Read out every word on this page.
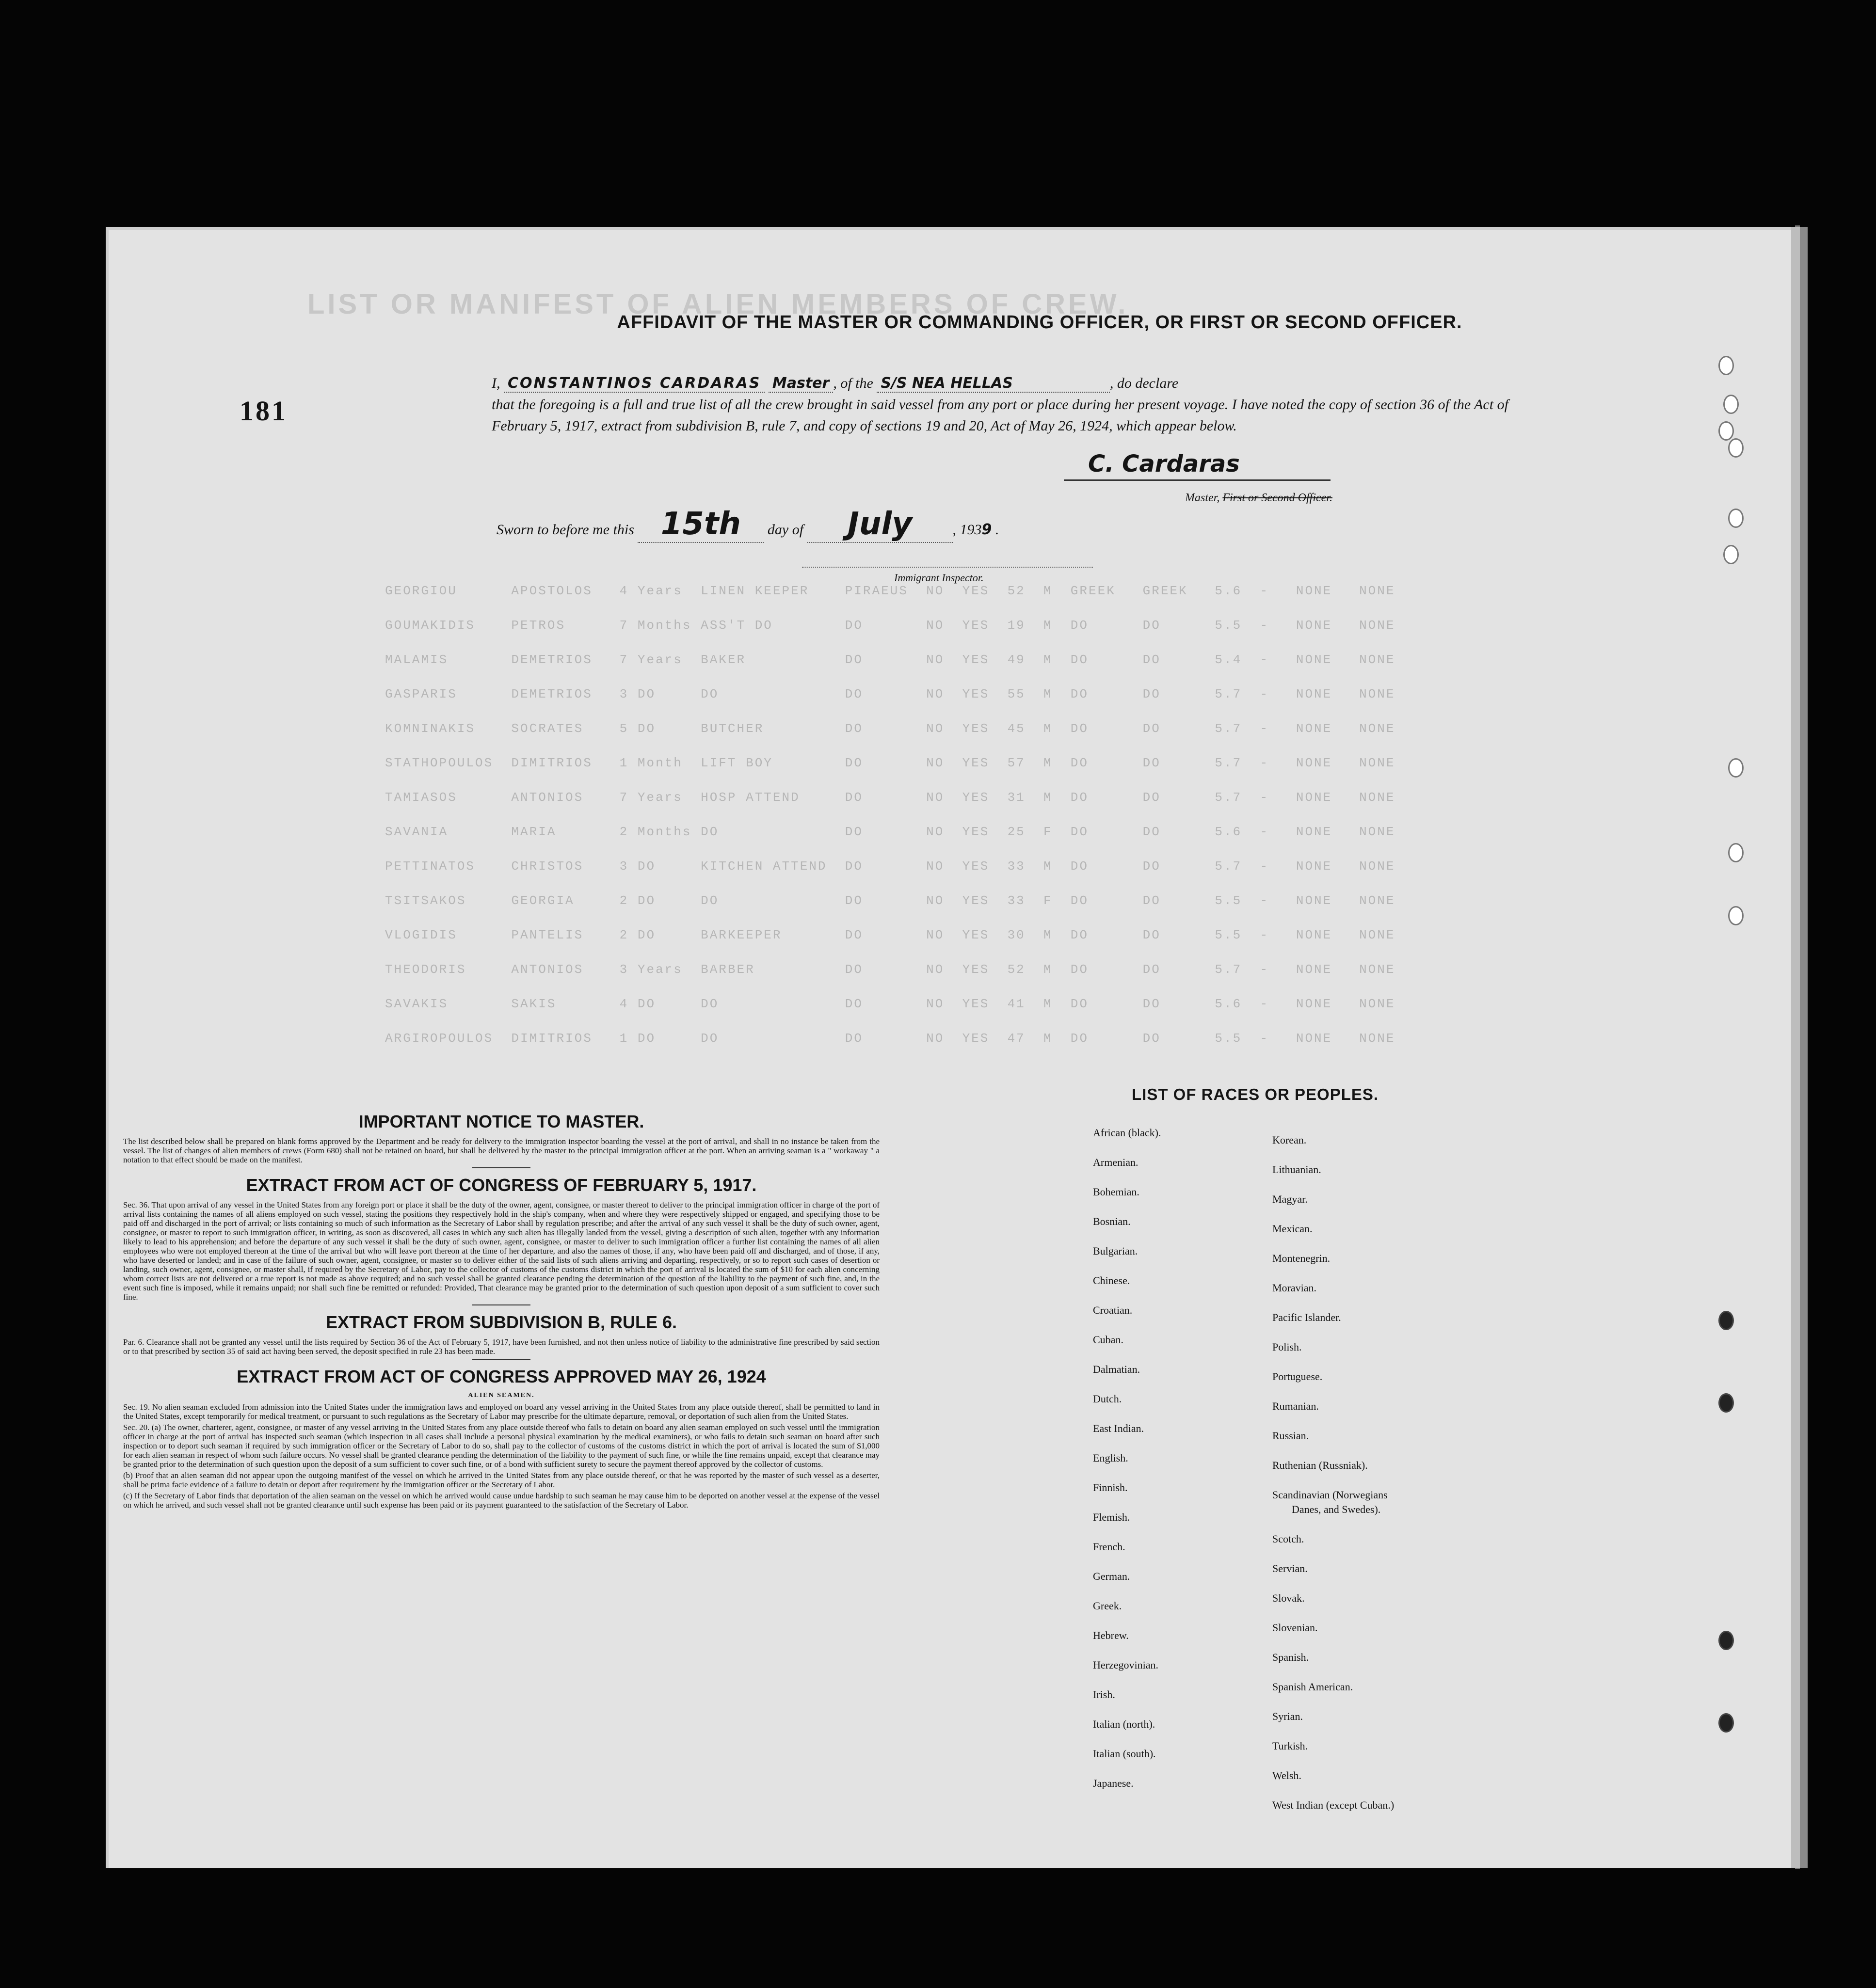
LIST OR MANIFEST OF ALIEN MEMBERS OF CREW.
GEORGIOU      APOSTOLOS   4 Years  LINEN KEEPER    PIRAEUS  NO  YES  52  M  GREEK   GREEK   5.6  -   NONE   NONE
GOUMAKIDIS    PETROS      7 Months ASS'T DO        DO       NO  YES  19  M  DO      DO      5.5  -   NONE   NONE
MALAMIS       DEMETRIOS   7 Years  BAKER           DO       NO  YES  49  M  DO      DO      5.4  -   NONE   NONE
GASPARIS      DEMETRIOS   3 DO     DO              DO       NO  YES  55  M  DO      DO      5.7  -   NONE   NONE
KOMNINAKIS    SOCRATES    5 DO     BUTCHER         DO       NO  YES  45  M  DO      DO      5.7  -   NONE   NONE
STATHOPOULOS  DIMITRIOS   1 Month  LIFT BOY        DO       NO  YES  57  M  DO      DO      5.7  -   NONE   NONE
TAMIASOS      ANTONIOS    7 Years  HOSP ATTEND     DO       NO  YES  31  M  DO      DO      5.7  -   NONE   NONE
SAVANIA       MARIA       2 Months DO              DO       NO  YES  25  F  DO      DO      5.6  -   NONE   NONE
PETTINATOS    CHRISTOS    3 DO     KITCHEN ATTEND  DO       NO  YES  33  M  DO      DO      5.7  -   NONE   NONE
TSITSAKOS     GEORGIA     2 DO     DO              DO       NO  YES  33  F  DO      DO      5.5  -   NONE   NONE
VLOGIDIS      PANTELIS    2 DO     BARKEEPER       DO       NO  YES  30  M  DO      DO      5.5  -   NONE   NONE
THEODORIS     ANTONIOS    3 Years  BARBER          DO       NO  YES  52  M  DO      DO      5.7  -   NONE   NONE
SAVAKIS       SAKIS       4 DO     DO              DO       NO  YES  41  M  DO      DO      5.6  -   NONE   NONE
ARGIROPOULOS  DIMITRIOS   1 DO     DO              DO       NO  YES  47  M  DO      DO      5.5  -   NONE   NONE
181
AFFIDAVIT OF THE MASTER OR COMMANDING OFFICER, OR FIRST OR SECOND OFFICER.
I, CONSTANTINOS CARDARAS Master , of the S/S NEA HELLAS	, do declare
that the foregoing is a full and true list of all the crew brought in said vessel from any port or place during her present voyage. I have noted the copy of section 36 of the Act of February 5, 1917, extract from subdivision B, rule 7, and copy of sections 19 and 20, Act of May 26, 1924, which appear below.
C. Cardaras
Master, First or Second Officer.
Sworn to before me this 15th day of July	, 1939 .
Immigrant Inspector.
IMPORTANT NOTICE TO MASTER.

The list described below shall be prepared on blank forms approved by the Department and be ready for delivery to the immigration inspector boarding the vessel at the port of arrival, and shall in no instance be taken from the vessel. The list of changes of alien members of crews (Form 680) shall not be retained on board, but shall be delivered by the master to the principal immigration officer at the port. When an arriving seaman is a " workaway " a notation to that effect should be made on the manifest.

EXTRACT FROM ACT OF CONGRESS OF FEBRUARY 5, 1917.

Sec. 36. That upon arrival of any vessel in the United States from any foreign port or place it shall be the duty of the owner, agent, consignee, or master thereof to deliver to the principal immigration officer in charge of the port of arrival lists containing the names of all aliens employed on such vessel, stating the positions they respectively hold in the ship's company, when and where they were respectively shipped or engaged, and specifying those to be paid off and discharged in the port of arrival; or lists containing so much of such information as the Secretary of Labor shall by regulation prescribe; and after the arrival of any such vessel it shall be the duty of such owner, agent, consignee, or master to report to such immigration officer, in writing, as soon as discovered, all cases in which any such alien has illegally landed from the vessel, giving a description of such alien, together with any information likely to lead to his apprehension; and before the departure of any such vessel it shall be the duty of such owner, agent, consignee, or master to deliver to such immigration officer a further list containing the names of all alien employees who were not employed thereon at the time of the arrival but who will leave port thereon at the time of her departure, and also the names of those, if any, who have been paid off and discharged, and of those, if any, who have deserted or landed; and in case of the failure of such owner, agent, consignee, or master so to deliver either of the said lists of such aliens arriving and departing, respectively, or so to report such cases of desertion or landing, such owner, agent, consignee, or master shall, if required by the Secretary of Labor, pay to the collector of customs of the customs district in which the port of arrival is located the sum of $10 for each alien concerning whom correct lists are not delivered or a true report is not made as above required; and no such vessel shall be granted clearance pending the determination of the question of the liability to the payment of such fine, and, in the event such fine is imposed, while it remains unpaid; nor shall such fine be remitted or refunded: Provided, That clearance may be granted prior to the determination of such question upon deposit of a sum sufficient to cover such fine.

EXTRACT FROM SUBDIVISION B, RULE 6.

Par. 6. Clearance shall not be granted any vessel until the lists required by Section 36 of the Act of February 5, 1917, have been furnished, and not then unless notice of liability to the administrative fine prescribed by said section or to that prescribed by section 35 of said act having been served, the deposit specified in rule 23 has been made.

EXTRACT FROM ACT OF CONGRESS APPROVED MAY 26, 1924
ALIEN SEAMEN.

Sec. 19. No alien seaman excluded from admission into the United States under the immigration laws and employed on board any vessel arriving in the United States from any place outside thereof, shall be permitted to land in the United States, except temporarily for medical treatment, or pursuant to such regulations as the Secretary of Labor may prescribe for the ultimate departure, removal, or deportation of such alien from the United States.

Sec. 20. (a) The owner, charterer, agent, consignee, or master of any vessel arriving in the United States from any place outside thereof who fails to detain on board any alien seaman employed on such vessel until the immigration officer in charge at the port of arrival has inspected such seaman (which inspection in all cases shall include a personal physical examination by the medical examiners), or who fails to detain such seaman on board after such inspection or to deport such seaman if required by such immigration officer or the Secretary of Labor to do so, shall pay to the collector of customs of the customs district in which the port of arrival is located the sum of $1,000 for each alien seaman in respect of whom such failure occurs. No vessel shall be granted clearance pending the determination of the liability to the payment of such fine, or while the fine remains unpaid, except that clearance may be granted prior to the determination of such question upon the deposit of a sum sufficient to cover such fine, or of a bond with sufficient surety to secure the payment thereof approved by the collector of customs.

(b) Proof that an alien seaman did not appear upon the outgoing manifest of the vessel on which he arrived in the United States from any place outside thereof, or that he was reported by the master of such vessel as a deserter, shall be prima facie evidence of a failure to detain or deport after requirement by the immigration officer or the Secretary of Labor.

(c) If the Secretary of Labor finds that deportation of the alien seaman on the vessel on which he arrived would cause undue hardship to such seaman he may cause him to be deported on another vessel at the expense of the vessel on which he arrived, and such vessel shall not be granted clearance until such expense has been paid or its payment guaranteed to the satisfaction of the Secretary of Labor.

LIST OF RACES OR PEOPLES.
African (black).
Armenian.
Bohemian.
Bosnian.
Bulgarian.
Chinese.
Croatian.
Cuban.
Dalmatian.
Dutch.
East Indian.
English.
Finnish.
Flemish.
French.
German.
Greek.
Hebrew.
Herzegovinian.
Irish.
Italian (north).
Italian (south).
Japanese.
Korean.
Lithuanian.
Magyar.
Mexican.
Montenegrin.
Moravian.
Pacific Islander.
Polish.
Portuguese.
Rumanian.
Russian.
Ruthenian (Russniak).
Scandinavian (Norwegians
Danes, and Swedes).
Scotch.
Servian.
Slovak.
Slovenian.
Spanish.
Spanish American.
Syrian.
Turkish.
Welsh.
West Indian (except Cuban.)
